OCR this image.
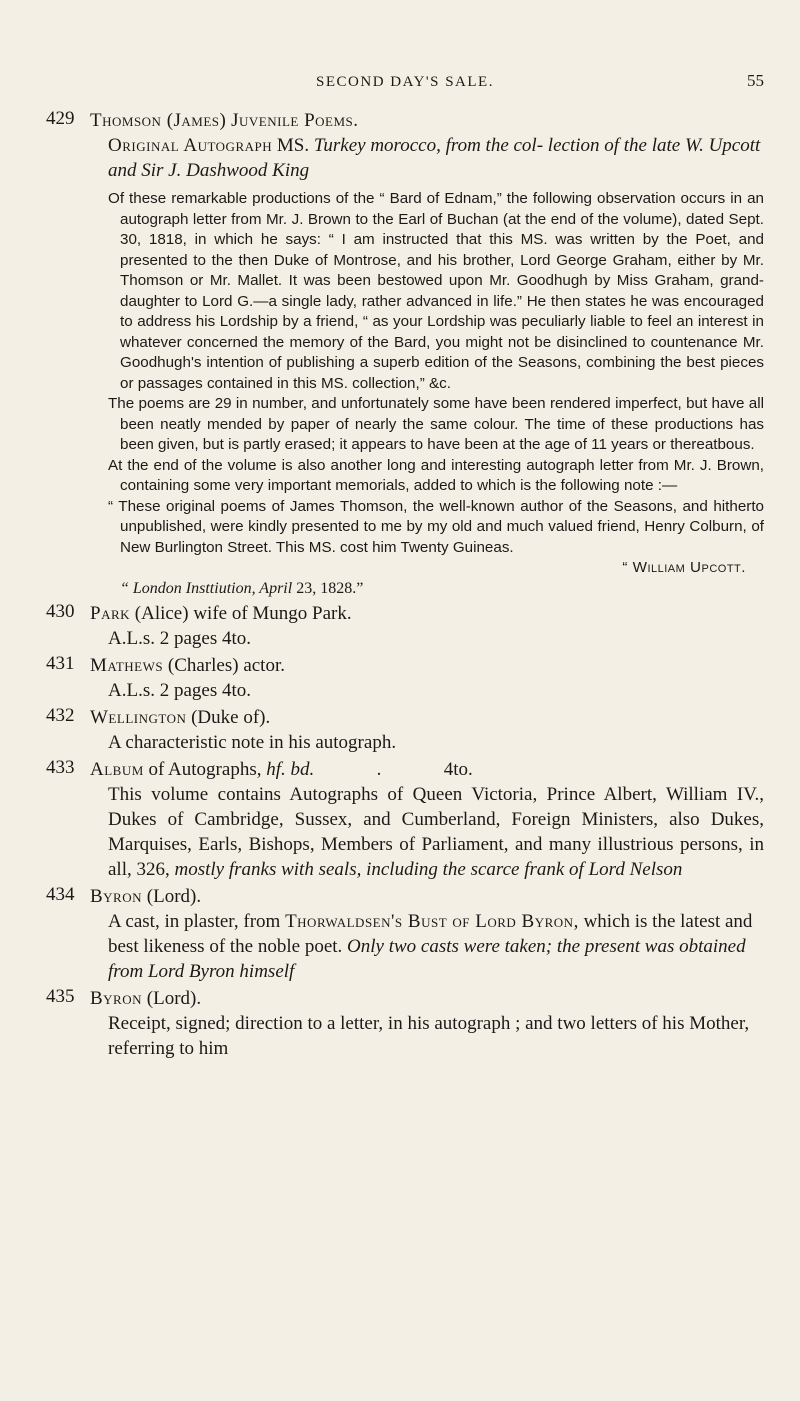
SECOND DAY'S SALE.	55
429 Thomson (James) Juvenile Poems.

Original Autograph MS. Turkey morocco, from the col- lection of the late W. Upcott and Sir J. Dashwood King

Of these remarkable productions of the “ Bard of Ednam,” the following observation occurs in an autograph letter from Mr. J. Brown to the Earl of Buchan (at the end of the volume), dated Sept. 30, 1818, in which he says: “ I am instructed that this MS. was written by the Poet, and presented to the then Duke of Montrose, and his brother, Lord George Graham, either by Mr. Thomson or Mr. Mallet. It was been bestowed upon Mr. Goodhugh by Miss Graham, grand-daughter to Lord G.—a single lady, rather advanced in life.” He then states he was encouraged to address his Lordship by a friend, “ as your Lordship was peculiarly liable to feel an interest in whatever concerned the memory of the Bard, you might not be disinclined to countenance Mr. Goodhugh's intention of publishing a superb edition of the Seasons, combining the best pieces or passages contained in this MS. collection,” &c.

The poems are 29 in number, and unfortunately some have been rendered imperfect, but have all been neatly mended by paper of nearly the same colour. The time of these productions has been given, but is partly erased; it appears to have been at the age of 11 years or thereatbous.

At the end of the volume is also another long and interesting autograph letter from Mr. J. Brown, containing some very important memorials, added to which is the following note :—

“ These original poems of James Thomson, the well-known author of the Seasons, and hitherto unpublished, were kindly presented to me by my old and much valued friend, Henry Colburn, of New Burlington Street. This MS. cost him Twenty Guineas.

“ William Upcott.

“ London Insttiution, April 23, 1828.”

430 Park (Alice) wife of Mungo Park.

A.L.s. 2 pages 4to.

431 Mathews (Charles) actor.

A.L.s. 2 pages 4to.

432 Wellington (Duke of).

A characteristic note in his autograph.

433 Album of Autographs, hf. bd.	.	4to.

This volume contains Autographs of Queen Victoria, Prince Albert, William IV., Dukes of Cambridge, Sussex, and Cumberland, Foreign Ministers, also Dukes, Marquises, Earls, Bishops, Members of Parliament, and many illustrious persons, in all, 326, mostly franks with seals, including the scarce frank of Lord Nelson

434 Byron (Lord).

A cast, in plaster, from Thorwaldsen's Bust of Lord Byron, which is the latest and best likeness of the noble poet. Only two casts were taken; the present was obtained from Lord Byron himself

435 Byron (Lord).

Receipt, signed; direction to a letter, in his autograph ; and two letters of his Mother, referring to him
